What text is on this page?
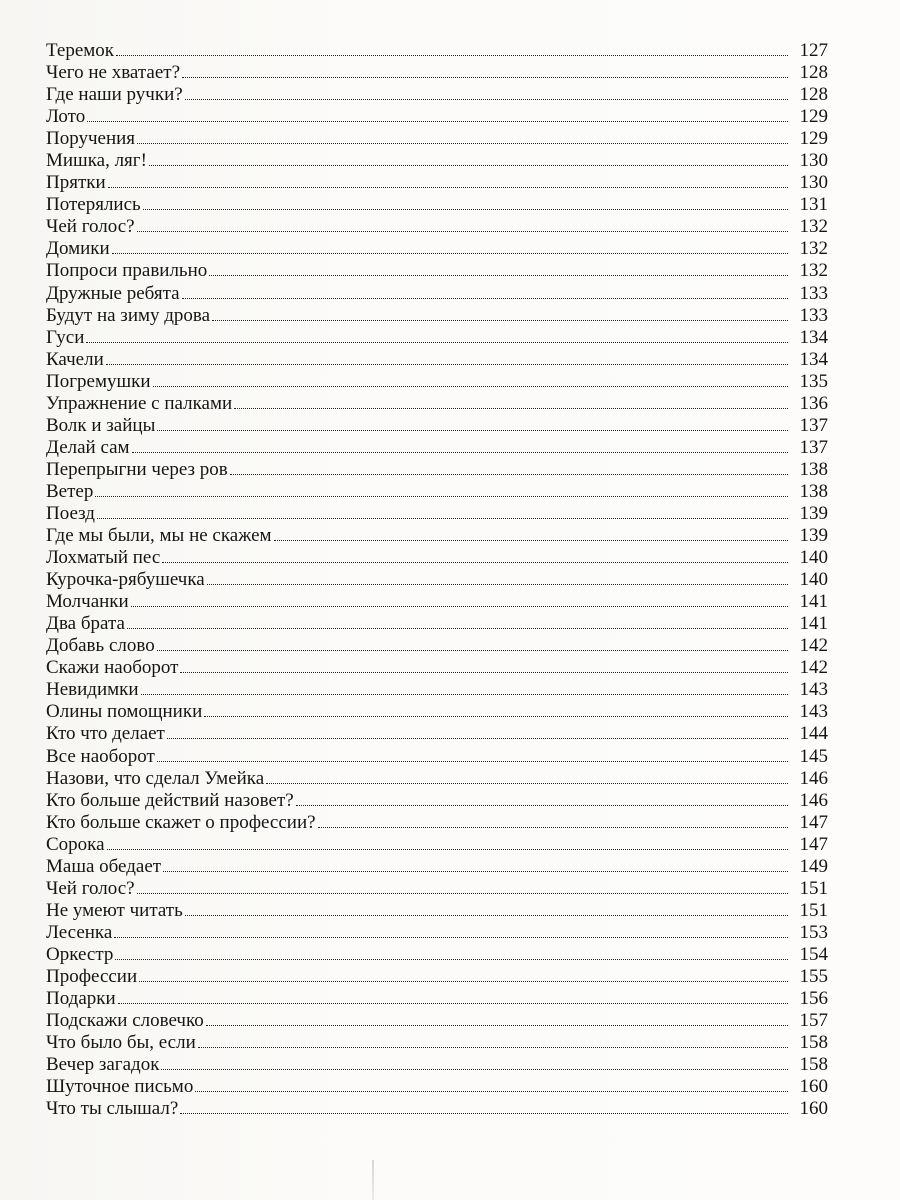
Теремок	127
Чего не хватает?	128
Где наши ручки?	128
Лото	129
Поручения	129
Мишка, ляг!	130
Прятки	130
Потерялись	131
Чей голос?	132
Домики	132
Попроси правильно	132
Дружные ребята	133
Будут на зиму дрова	133
Гуси	134
Качели	134
Погремушки	135
Упражнение с палками	136
Волк и зайцы	137
Делай сам	137
Перепрыгни через ров	138
Ветер	138
Поезд	139
Где мы были, мы не скажем	139
Лохматый пес	140
Курочка-рябушечка	140
Молчанки	141
Два брата	141
Добавь слово	142
Скажи наоборот	142
Невидимки	143
Олины помощники	143
Кто что делает	144
Все наоборот	145
Назови, что сделал Умейка	146
Кто больше действий назовет?	146
Кто больше скажет о профессии?	147
Сорока	147
Маша обедает	149
Чей голос?	151
Не умеют читать	151
Лесенка	153
Оркестр	154
Профессии	155
Подарки	156
Подскажи словечко	157
Что было бы, если	158
Вечер загадок	158
Шуточное письмо	160
Что ты слышал?	160
